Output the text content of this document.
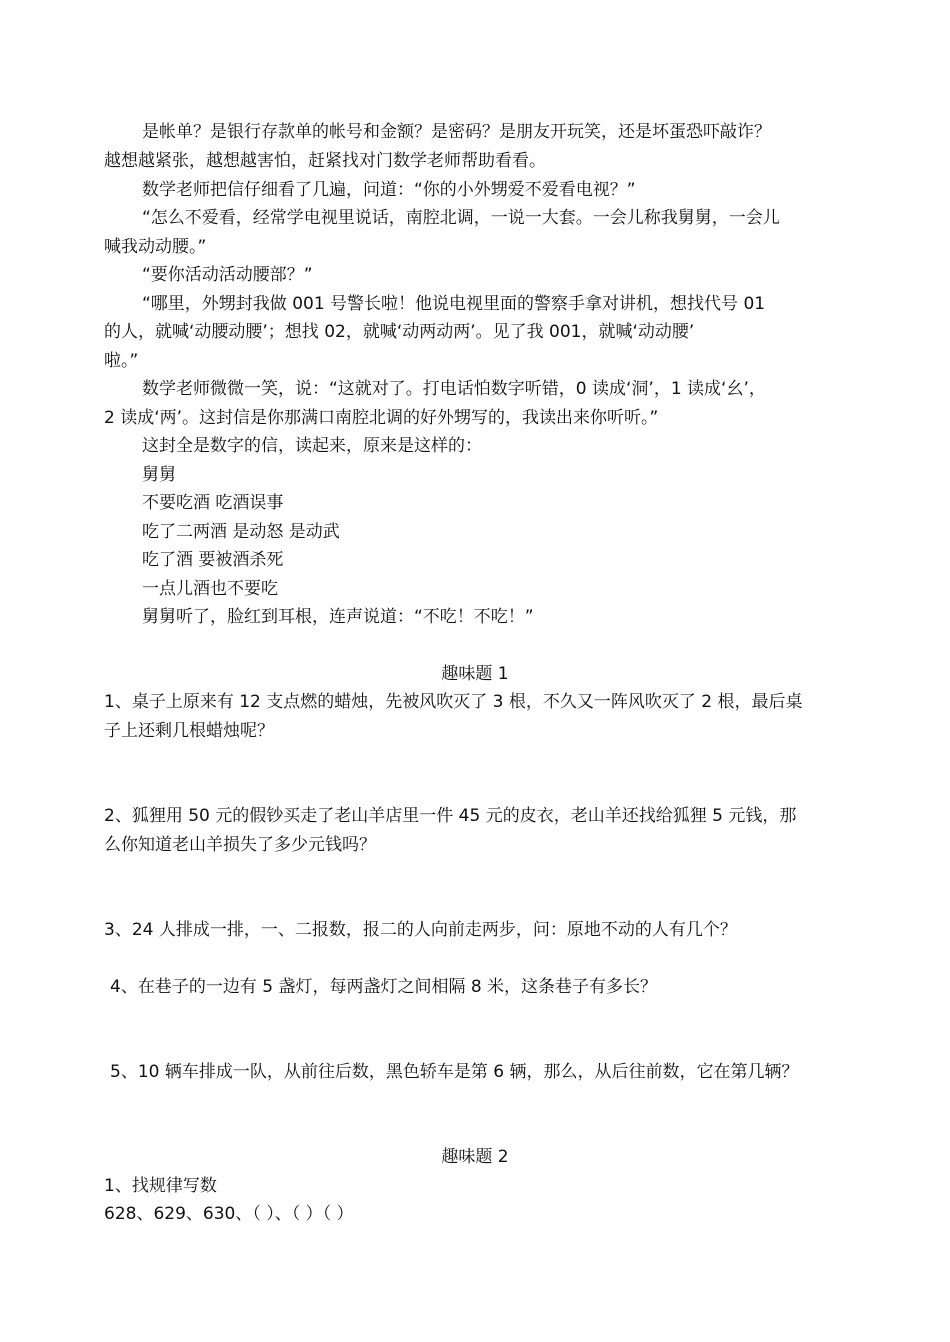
是帐单？是银行存款单的帐号和金额？是密码？是朋友开玩笑，还是坏蛋恐吓敲诈？
越想越紧张，越想越害怕，赶紧找对门数学老师帮助看看。
数学老师把信仔细看了几遍，问道：“你的小外甥爱不爱看电视？”
“怎么不爱看，经常学电视里说话，南腔北调，一说一大套。一会儿称我舅舅，一会儿
喊我动动腰。”
“要你活动活动腰部？”
“哪里，外甥封我做 001 号警长啦！他说电视里面的警察手拿对讲机，想找代号 01
的人，就喊‘动腰动腰’；想找 02，就喊‘动两动两’。见了我 001，就喊‘动动腰’
啦。”
数学老师微微一笑，说：“这就对了。打电话怕数字听错，0 读成‘洞’，1 读成‘幺’，
2 读成‘两’。这封信是你那满口南腔北调的好外甥写的，我读出来你听听。”
这封全是数字的信，读起来，原来是这样的：
舅舅
不要吃酒 吃酒误事
吃了二两酒 是动怒 是动武
吃了酒 要被酒杀死
一点儿酒也不要吃
舅舅听了，脸红到耳根，连声说道：“不吃！不吃！”
趣味题 1
1、桌子上原来有 12 支点燃的蜡烛，先被风吹灭了 3 根，不久又一阵风吹灭了 2 根，最后桌
子上还剩几根蜡烛呢？
2、狐狸用 50 元的假钞买走了老山羊店里一件 45 元的皮衣，老山羊还找给狐狸 5 元钱，那
么你知道老山羊损失了多少元钱吗？
3、24 人排成一排，一、二报数，报二的人向前走两步，问：原地不动的人有几个？
4、在巷子的一边有 5 盏灯，每两盏灯之间相隔 8 米，这条巷子有多长？
5、10 辆车排成一队，从前往后数，黑色轿车是第 6 辆，那么，从后往前数，它在第几辆？
趣味题 2
1、找规律写数
628、629、630、（ ）、（ ）（ ）
